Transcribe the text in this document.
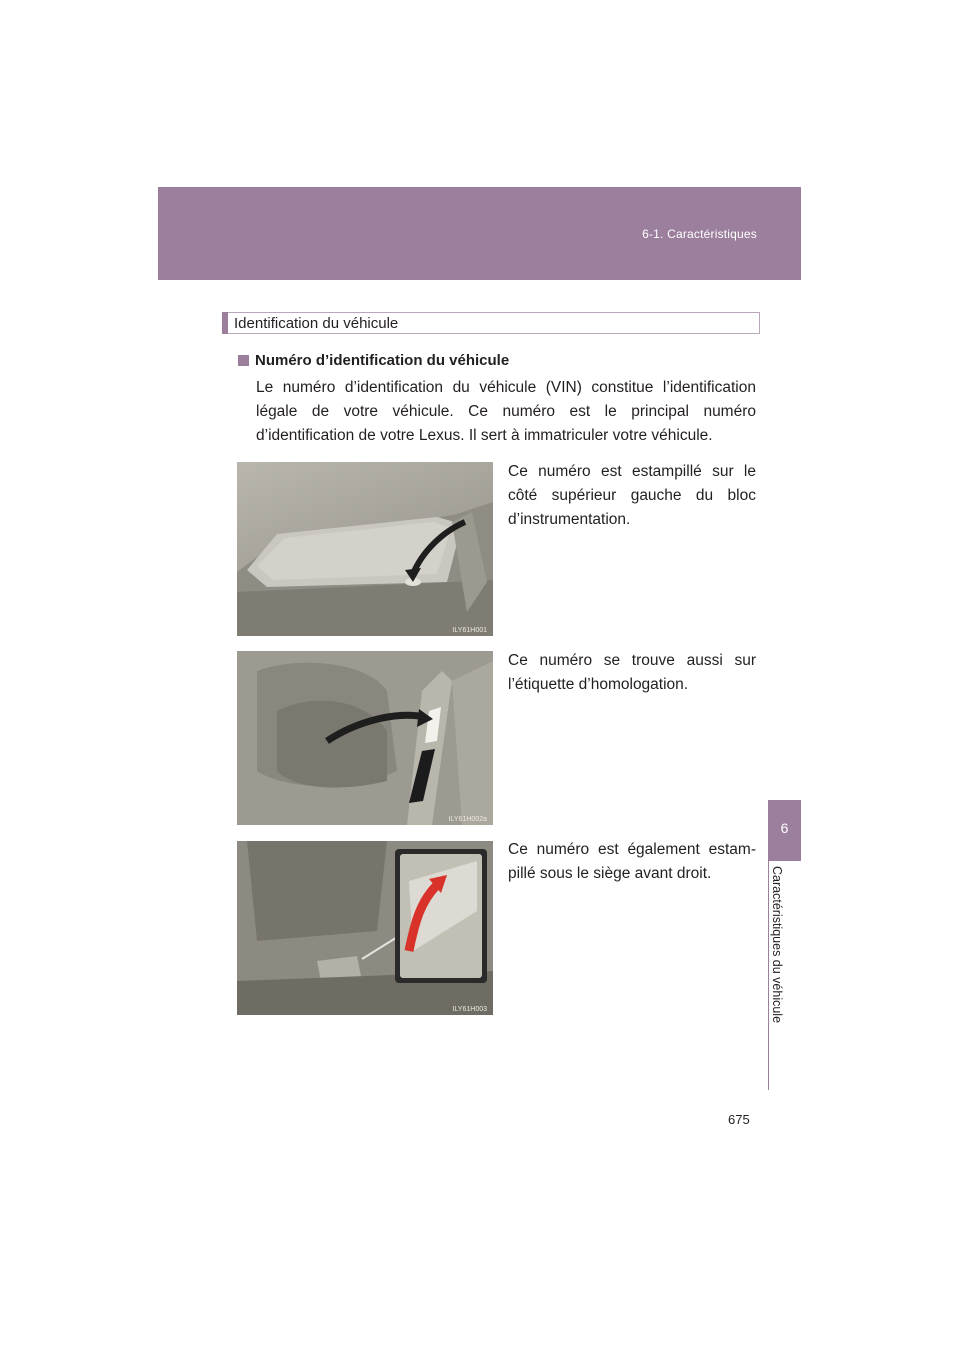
6-1. Caractéristiques
6
Caractéristiques du véhicule
Identification du véhicule
Numéro d’identification du véhicule
Le numéro d’identification du véhicule (VIN) constitue l’identification légale de votre véhicule. Ce numéro est le principal numéro d’identification de votre Lexus. Il sert à immatriculer votre véhicule.
ILY61H001
Ce numéro est estampillé sur le côté supérieur gauche du bloc d’instrumentation.
ILY61H002a
Ce numéro se trouve aussi sur l’étiquette d’homologation.
ILY61H003
Ce numéro est également estam-pillé sous le siège avant droit.
675
